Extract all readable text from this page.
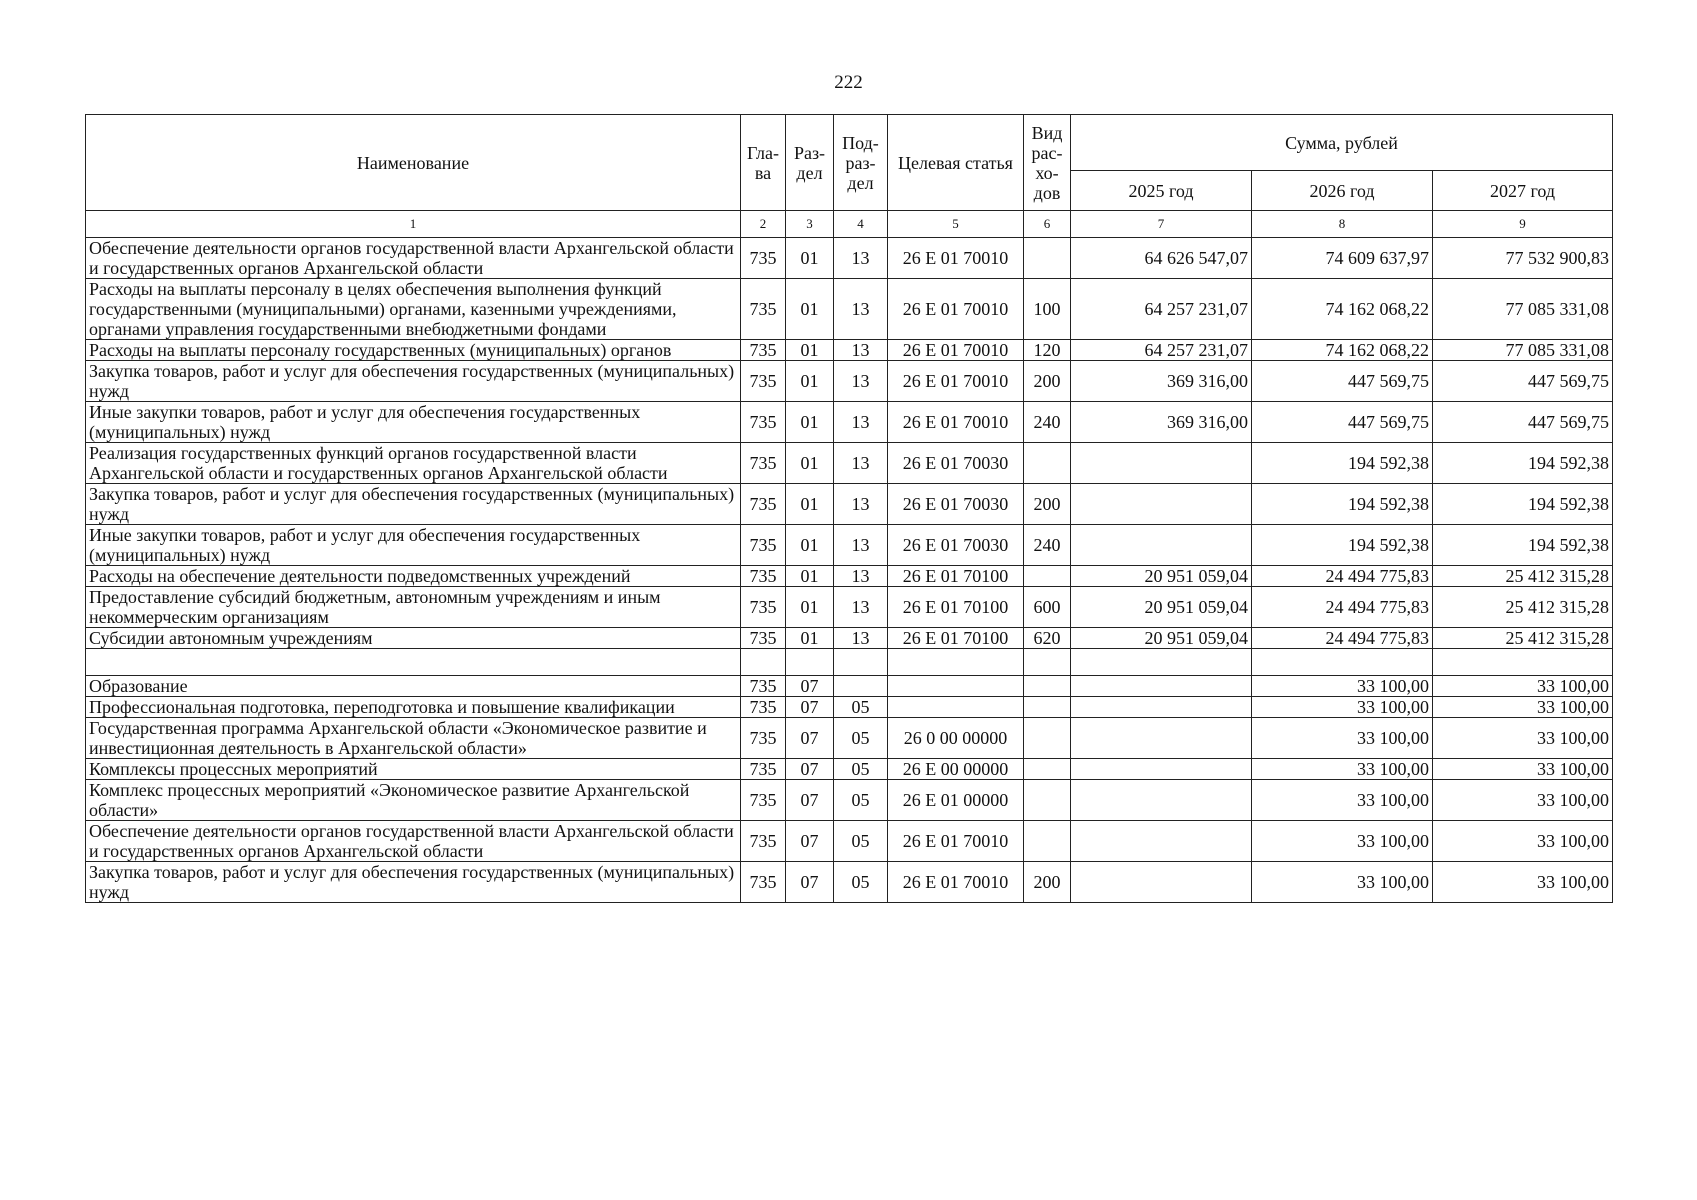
222
Наименование	Гла-ва	Раз-дел	Под-раз-дел	Целевая статья	Вид рас-хо-дов	Сумма, рублей		
						2025 год	2026 год	2027 год
1	2	3	4	5	6	7	8	9
Обеспечение деятельности органов государственной власти Архангельской области и государственных органов Архангельской области	735	01	13	26 Е 01 70010		64 626 547,07	74 609 637,97	77 532 900,83
Расходы на выплаты персоналу в целях обеспечения выполнения функций государственными (муниципальными) органами, казенными учреждениями, органами управления государственными внебюджетными фондами	735	01	13	26 Е 01 70010	100	64 257 231,07	74 162 068,22	77 085 331,08
Расходы на выплаты персоналу государственных (муниципальных) органов	735	01	13	26 Е 01 70010	120	64 257 231,07	74 162 068,22	77 085 331,08
Закупка товаров, работ и услуг для обеспечения государственных (муниципальных) нужд	735	01	13	26 Е 01 70010	200	369 316,00	447 569,75	447 569,75
Иные закупки товаров, работ и услуг для обеспечения государственных (муниципальных) нужд	735	01	13	26 Е 01 70010	240	369 316,00	447 569,75	447 569,75
Реализация государственных функций органов государственной власти Архангельской области и государственных органов Архангельской области	735	01	13	26 Е 01 70030			194 592,38	194 592,38
Закупка товаров, работ и услуг для обеспечения государственных (муниципальных) нужд	735	01	13	26 Е 01 70030	200		194 592,38	194 592,38
Иные закупки товаров, работ и услуг для обеспечения государственных (муниципальных) нужд	735	01	13	26 Е 01 70030	240		194 592,38	194 592,38
Расходы на обеспечение деятельности подведомственных учреждений	735	01	13	26 Е 01 70100		20 951 059,04	24 494 775,83	25 412 315,28
Предоставление субсидий бюджетным, автономным учреждениям и иным некоммерческим организациям	735	01	13	26 Е 01 70100	600	20 951 059,04	24 494 775,83	25 412 315,28
Субсидии автономным учреждениям	735	01	13	26 Е 01 70100	620	20 951 059,04	24 494 775,83	25 412 315,28

Образование	735	07					33 100,00	33 100,00
Профессиональная подготовка, переподготовка и повышение квалификации	735	07	05				33 100,00	33 100,00
Государственная программа Архангельской области «Экономическое развитие и инвестиционная деятельность в Архангельской области»	735	07	05	26 0 00 00000			33 100,00	33 100,00
Комплексы процессных мероприятий	735	07	05	26 Е 00 00000			33 100,00	33 100,00
Комплекс процессных мероприятий «Экономическое развитие Архангельской области»	735	07	05	26 Е 01 00000			33 100,00	33 100,00
Обеспечение деятельности органов государственной власти Архангельской области и государственных органов Архангельской области	735	07	05	26 Е 01 70010			33 100,00	33 100,00
Закупка товаров, работ и услуг для обеспечения государственных (муниципальных) нужд	735	07	05	26 Е 01 70010	200		33 100,00	33 100,00
